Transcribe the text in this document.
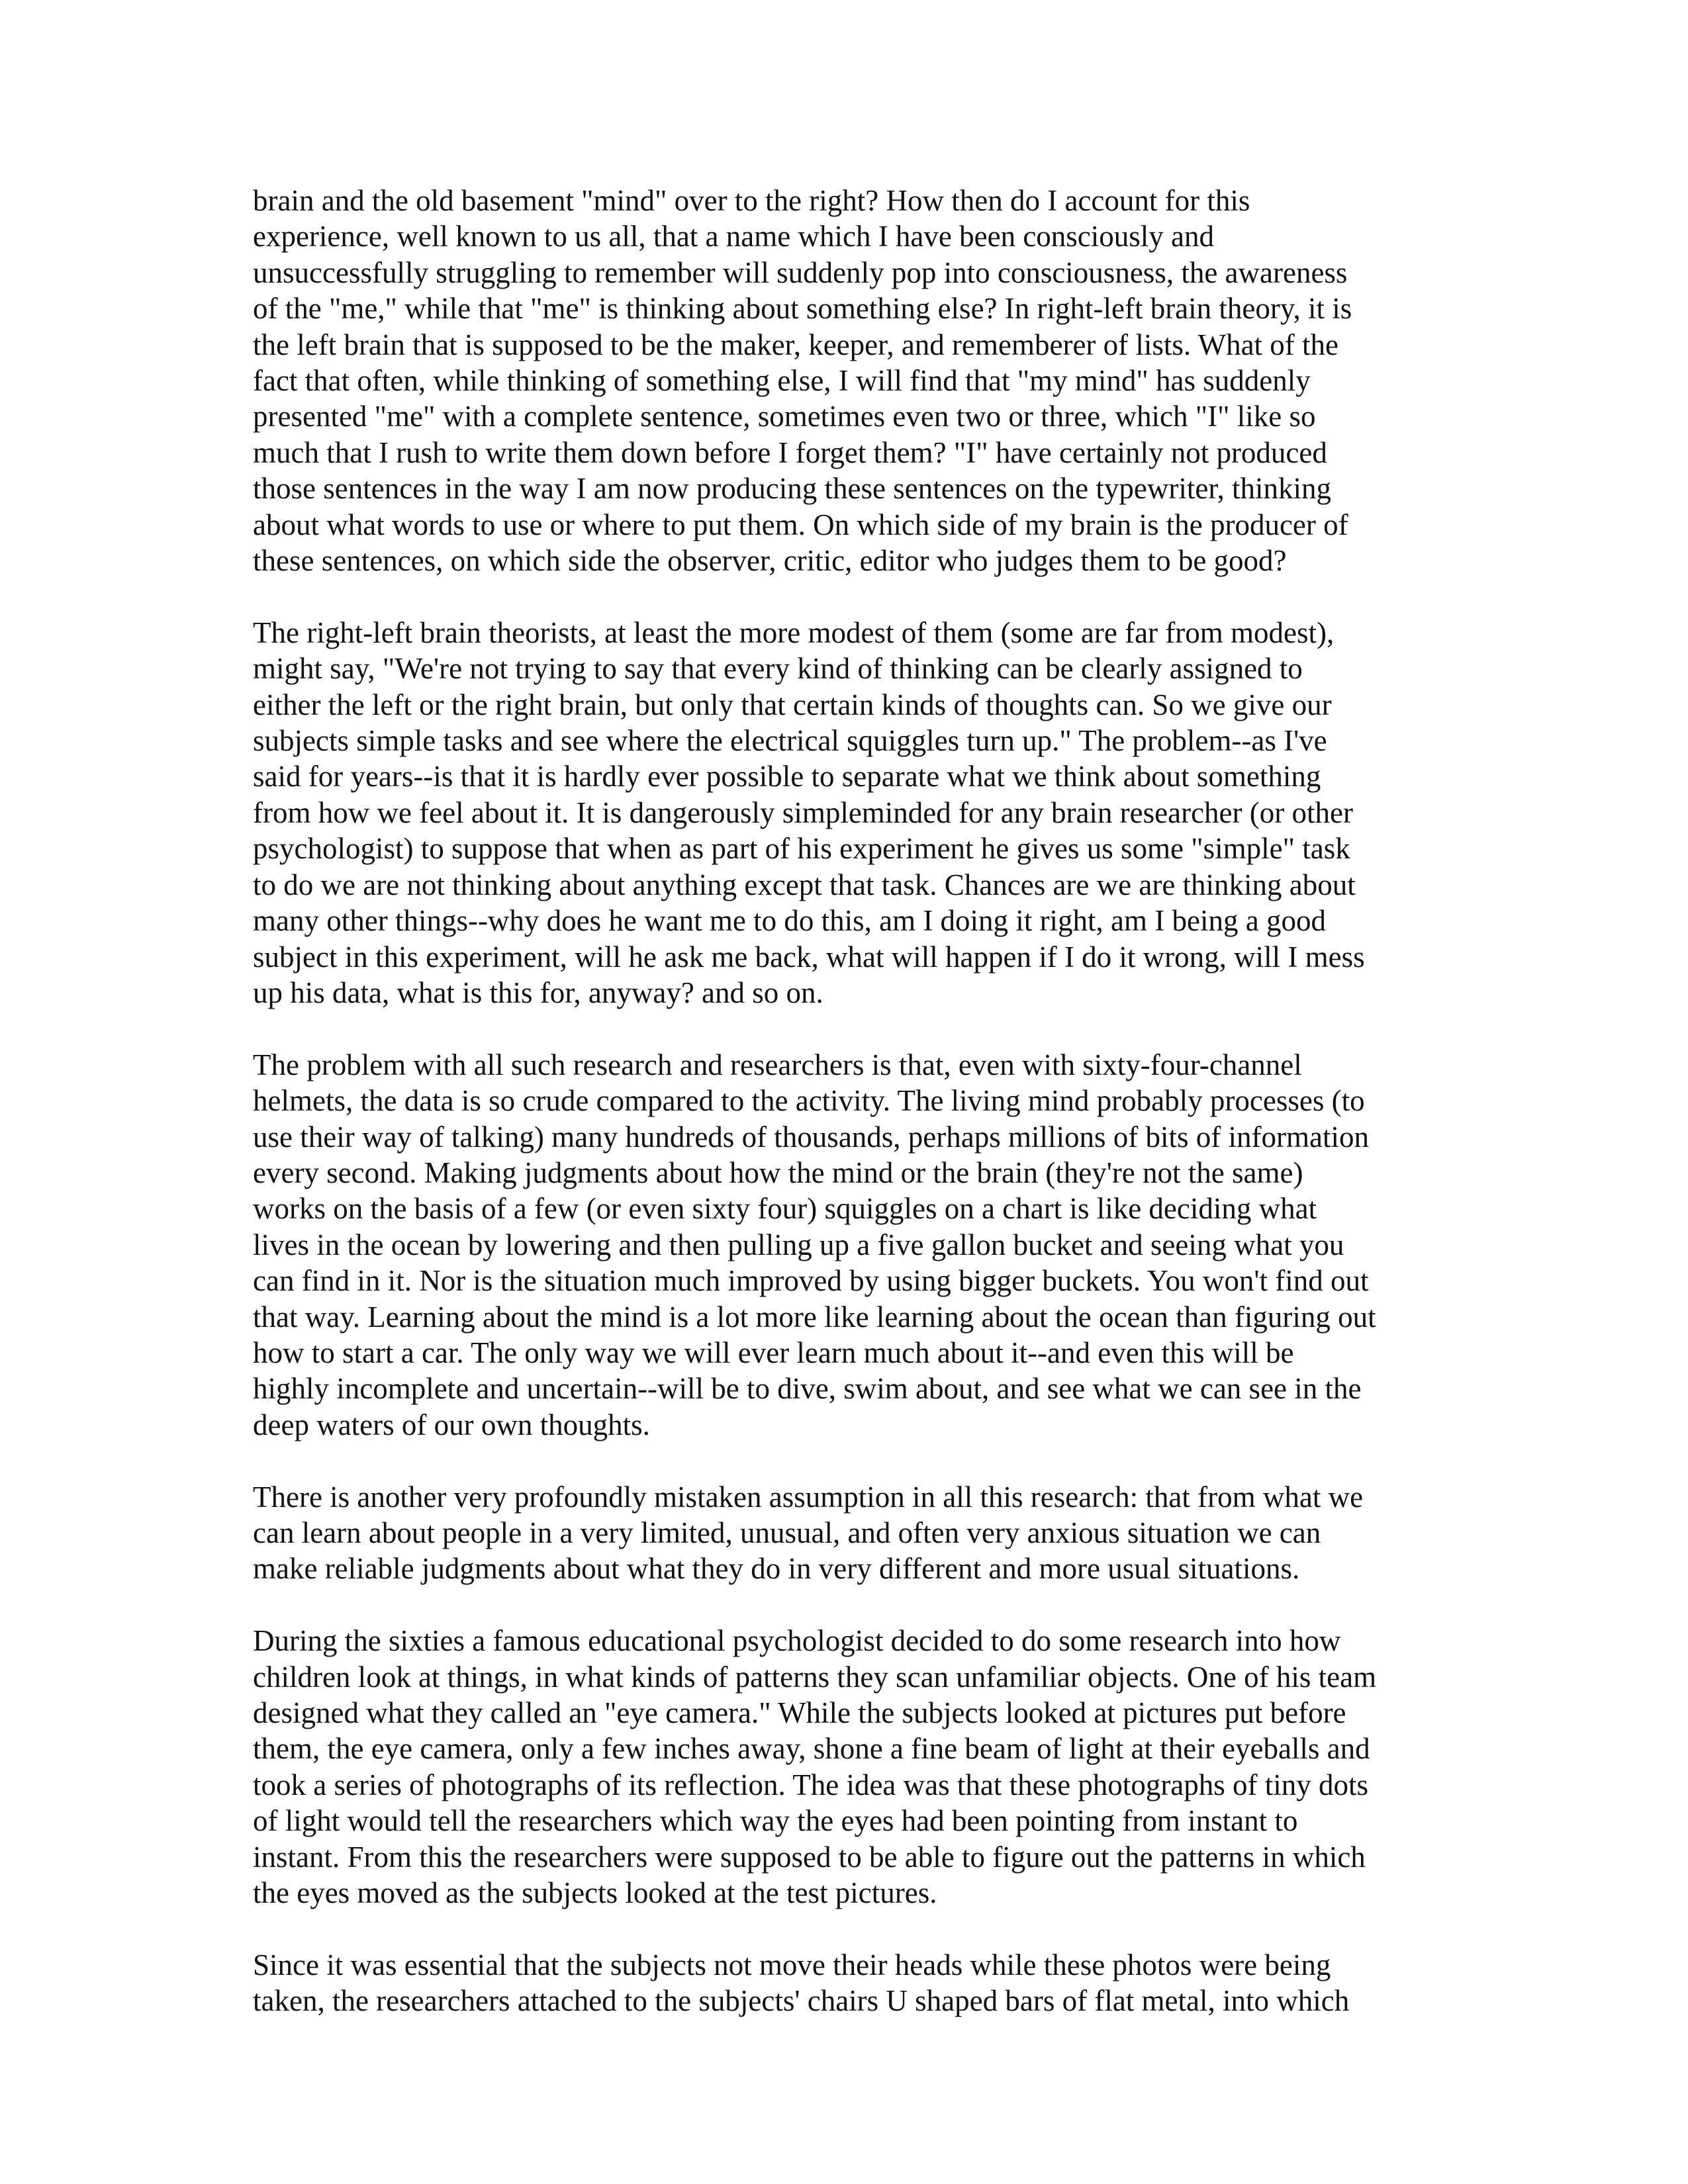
brain and the old basement "mind" over to the right? How then do I account for this
experience, well known to us all, that a name which I have been consciously and
unsuccessfully struggling to remember will suddenly pop into consciousness, the awareness
of the "me," while that "me" is thinking about something else? In right-left brain theory, it is
the left brain that is supposed to be the maker, keeper, and rememberer of lists. What of the
fact that often, while thinking of something else, I will find that "my mind" has suddenly
presented "me" with a complete sentence, sometimes even two or three, which "I" like so
much that I rush to write them down before I forget them? "I" have certainly not produced
those sentences in the way I am now producing these sentences on the typewriter, thinking
about what words to use or where to put them. On which side of my brain is the producer of
these sentences, on which side the observer, critic, editor who judges them to be good?

The right-left brain theorists, at least the more modest of them (some are far from modest),
might say, "We're not trying to say that every kind of thinking can be clearly assigned to
either the left or the right brain, but only that certain kinds of thoughts can. So we give our
subjects simple tasks and see where the electrical squiggles turn up." The problem--as I've
said for years--is that it is hardly ever possible to separate what we think about something
from how we feel about it. It is dangerously simpleminded for any brain researcher (or other
psychologist) to suppose that when as part of his experiment he gives us some "simple" task
to do we are not thinking about anything except that task. Chances are we are thinking about
many other things--why does he want me to do this, am I doing it right, am I being a good
subject in this experiment, will he ask me back, what will happen if I do it wrong, will I mess
up his data, what is this for, anyway? and so on.

The problem with all such research and researchers is that, even with sixty-four-channel
helmets, the data is so crude compared to the activity. The living mind probably processes (to
use their way of talking) many hundreds of thousands, perhaps millions of bits of information
every second. Making judgments about how the mind or the brain (they're not the same)
works on the basis of a few (or even sixty four) squiggles on a chart is like deciding what
lives in the ocean by lowering and then pulling up a five gallon bucket and seeing what you
can find in it. Nor is the situation much improved by using bigger buckets. You won't find out
that way. Learning about the mind is a lot more like learning about the ocean than figuring out
how to start a car. The only way we will ever learn much about it--and even this will be
highly incomplete and uncertain--will be to dive, swim about, and see what we can see in the
deep waters of our own thoughts.

There is another very profoundly mistaken assumption in all this research: that from what we
can learn about people in a very limited, unusual, and often very anxious situation we can
make reliable judgments about what they do in very different and more usual situations.

During the sixties a famous educational psychologist decided to do some research into how
children look at things, in what kinds of patterns they scan unfamiliar objects. One of his team
designed what they called an "eye camera." While the subjects looked at pictures put before
them, the eye camera, only a few inches away, shone a fine beam of light at their eyeballs and
took a series of photographs of its reflection. The idea was that these photographs of tiny dots
of light would tell the researchers which way the eyes had been pointing from instant to
instant. From this the researchers were supposed to be able to figure out the patterns in which
the eyes moved as the subjects looked at the test pictures.

Since it was essential that the subjects not move their heads while these photos were being
taken, the researchers attached to the subjects' chairs U shaped bars of flat metal, into which
